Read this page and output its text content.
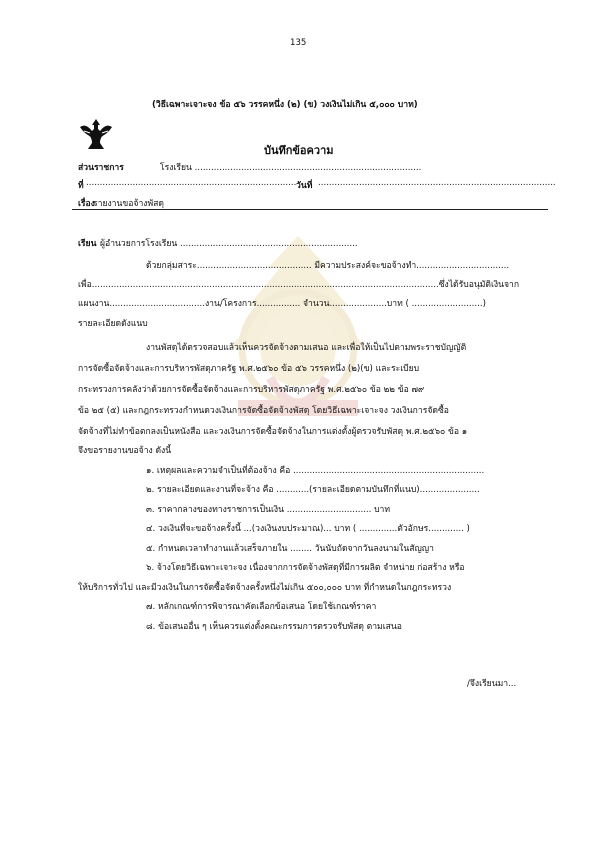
135
(วิธีเฉพาะเจาะจง ข้อ ๕๖ วรรคหนึ่ง (๒) (ข) วงเงินไม่เกิน ๕,๐๐๐ บาท)
บันทึกข้อความ
ส่วนราชการ	โรงเรียน ...................................................................................
ที่ ............................................................................. วันที่ .......................................................................................
เรื่อง
รายงานขอจ้างพัสดุ
เรียน ผู้อำนวยการโรงเรียน .................................................................
ด้วยกลุ่มสาระ.......................................... มีความประสงค์จะขอจ้างทำ..................................
เพื่อ...............................................................................................................................ซึ่งได้รับอนุมัติเงินจาก
แผนงาน...................................งาน/โครงการ................ จำนวน.....................บาท ( ..........................)
รายละเอียดดังแนบ
งานพัสดุได้ตรวจสอบแล้วเห็นควรจัดจ้างตามเสนอ และเพื่อให้เป็นไปตามพระราชบัญญัติ
การจัดซื้อจัดจ้างและการบริหารพัสดุภาครัฐ พ.ศ.๒๕๖๐ ข้อ ๕๖ วรรคหนึ่ง (๒)(ข) และระเบียบ
กระทรวงการคลังว่าด้วยการจัดซื้อจัดจ้างและการบริหารพัสดุภาครัฐ พ.ศ.๒๕๖๐ ข้อ ๒๒ ข้อ ๗๙
ข้อ ๒๕ (๕) และกฎกระทรวงกำหนดวงเงินการจัดซื้อจัดจ้างพัสดุ โดยวิธีเฉพาะเจาะจง วงเงินการจัดซื้อ
จัดจ้างที่ไม่ทำข้อตกลงเป็นหนังสือ และวงเงินการจัดซื้อจัดจ้างในการแต่งตั้งผู้ตรวจรับพัสดุ พ.ศ.๒๕๖๐ ข้อ ๑
จึงขอรายงานขอจ้าง ดังนี้
๑. เหตุผลและความจำเป็นที่ต้องจ้าง คือ ......................................................................
๒. รายละเอียดและงานที่จะจ้าง คือ ............(รายละเอียดตามบันทึกที่แนบ)......................
๓. ราคากลางของทางราชการเป็นเงิน ............................... บาท
๔. วงเงินที่จะขอจ้างครั้งนี้ ...(วงเงินงบประมาณ)... บาท ( ..............ตัวอักษร............. )
๕. กำหนดเวลาทำงานแล้วเสร็จภายใน ........ วันนับถัดจากวันลงนามในสัญญา
๖. จ้างโดยวิธีเฉพาะเจาะจง เนื่องจากการจัดจ้างพัสดุที่มีการผลิต จำหน่าย ก่อสร้าง หรือ
ให้บริการทั่วไป และมีวงเงินในการจัดซื้อจัดจ้างครั้งหนึ่งไม่เกิน ๕๐๐,๐๐๐ บาท ที่กำหนดในกฎกระทรวง
๗. หลักเกณฑ์การพิจารณาคัดเลือกข้อเสนอ โดยใช้เกณฑ์ราคา
๘. ข้อเสนออื่น ๆ เห็นควรแต่งตั้งคณะกรรมการตรวจรับพัสดุ ตามเสนอ
/จึงเรียนมา...
